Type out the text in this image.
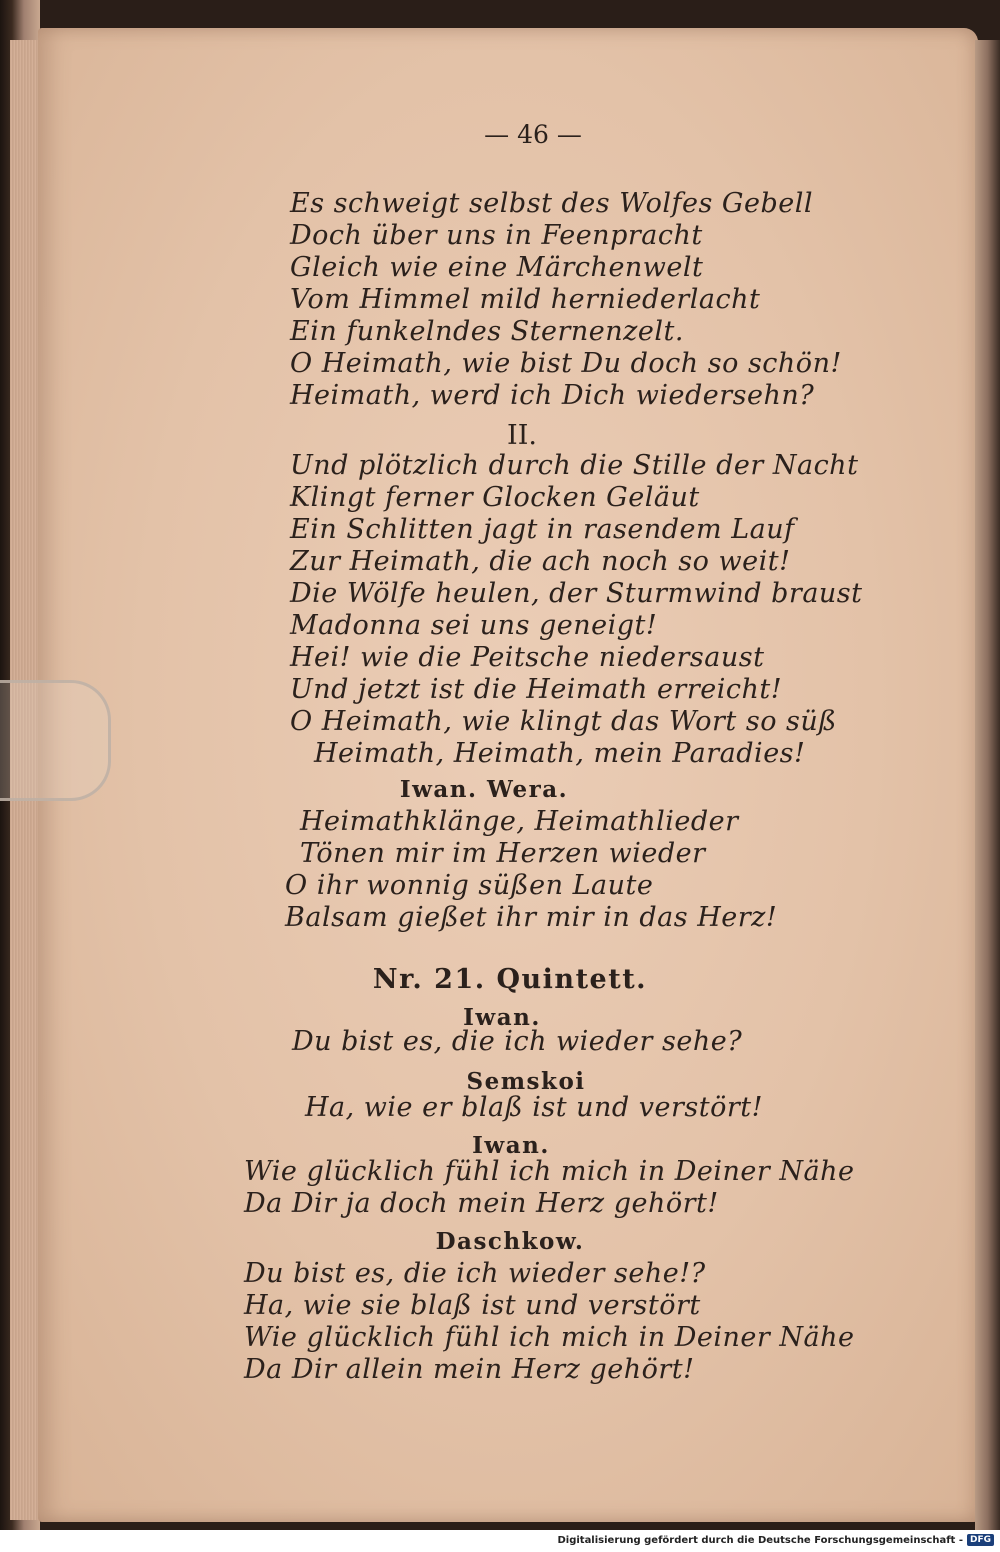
— 46 —
Es schweigt selbst des Wolfes Gebell
Doch über uns in Feenpracht
Gleich wie eine Märchenwelt
Vom Himmel mild herniederlacht
Ein funkelndes Sternenzelt.
O Heimath, wie bist Du doch so schön!
Heimath, werd ich Dich wiedersehn?
II.
Und plötzlich durch die Stille der Nacht
Klingt ferner Glocken Geläut
Ein Schlitten jagt in rasendem Lauf
Zur Heimath, die ach noch so weit!
Die Wölfe heulen, der Sturmwind braust
Madonna sei uns geneigt!
Hei! wie die Peitsche niedersaust
Und jetzt ist die Heimath erreicht!
O Heimath, wie klingt das Wort so süß
Heimath, Heimath, mein Paradies!
Iwan. Wera.
Heimathklänge, Heimathlieder
Tönen mir im Herzen wieder
O ihr wonnig süßen Laute
Balsam gießet ihr mir in das Herz!
Nr. 21. Quintett.
Iwan.
Du bist es, die ich wieder sehe?
Semskoi
Ha, wie er blaß ist und verstört!
Iwan.
Wie glücklich fühl ich mich in Deiner Nähe
Da Dir ja doch mein Herz gehört!
Daschkow.
Du bist es, die ich wieder sehe!?
Ha, wie sie blaß ist und verstört
Wie glücklich fühl ich mich in Deiner Nähe
Da Dir allein mein Herz gehört!
Digitalisierung gefördert durch die Deutsche Forschungsgemeinschaft - DFG
